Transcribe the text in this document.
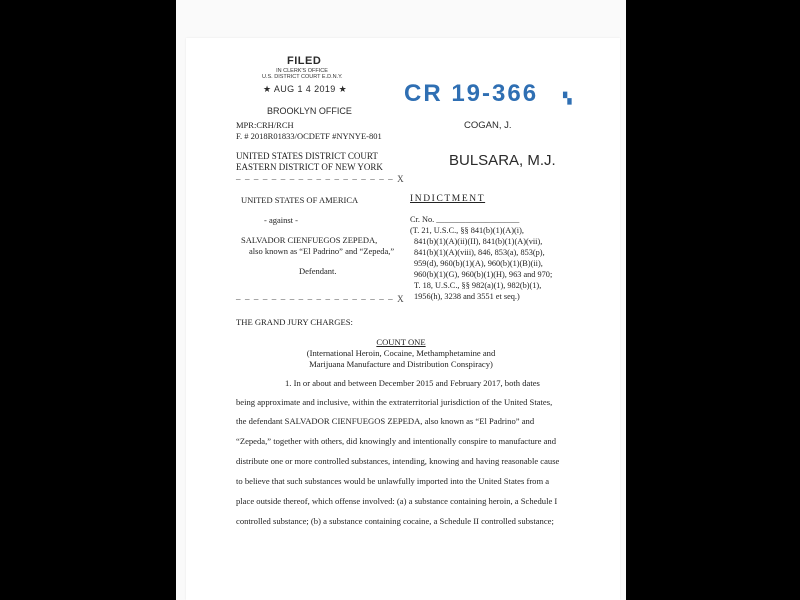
FILED
IN CLERK'S OFFICE
U.S. DISTRICT COURT E.D.N.Y.
★ AUG 1 4 2019 ★
BROOKLYN OFFICE
CR 19-366 ▚
COGAN, J.
BULSARA, M.J.
MPR:CRH/RCH
F. # 2018R01833/OCDETF #NYNYE-801
UNITED STATES DISTRICT COURT
EASTERN DISTRICT OF NEW YORK
– – – – – – – – – – – – – – – – – – X
UNITED STATES OF AMERICA
- against -
SALVADOR CIENFUEGOS ZEPEDA,
also known as “El Padrino” and “Zepeda,”
Defendant.
– – – – – – – – – – – – – – – – – – X
INDICTMENT
Cr. No. ____________________
(T. 21, U.S.C., §§ 841(b)(1)(A)(i),
841(b)(1)(A)(ii)(II), 841(b)(1)(A)(vii),
841(b)(1)(A)(viii), 846, 853(a), 853(p),
959(d), 960(b)(1)(A), 960(b)(1)(B)(ii),
960(b)(1)(G), 960(b)(1)(H), 963 and 970;
T. 18, U.S.C., §§ 982(a)(1), 982(b)(1),
1956(h), 3238 and 3551 et seq.)
THE GRAND JURY CHARGES:
COUNT ONE
(International Heroin, Cocaine, Methamphetamine and
Marijuana Manufacture and Distribution Conspiracy)
1. In or about and between December 2015 and February 2017, both dates
being approximate and inclusive, within the extraterritorial jurisdiction of the United States,
the defendant SALVADOR CIENFUEGOS ZEPEDA, also known as “El Padrino” and
“Zepeda,” together with others, did knowingly and intentionally conspire to manufacture and
distribute one or more controlled substances, intending, knowing and having reasonable cause
to believe that such substances would be unlawfully imported into the United States from a
place outside thereof, which offense involved: (a) a substance containing heroin, a Schedule I
controlled substance; (b) a substance containing cocaine, a Schedule II controlled substance;
